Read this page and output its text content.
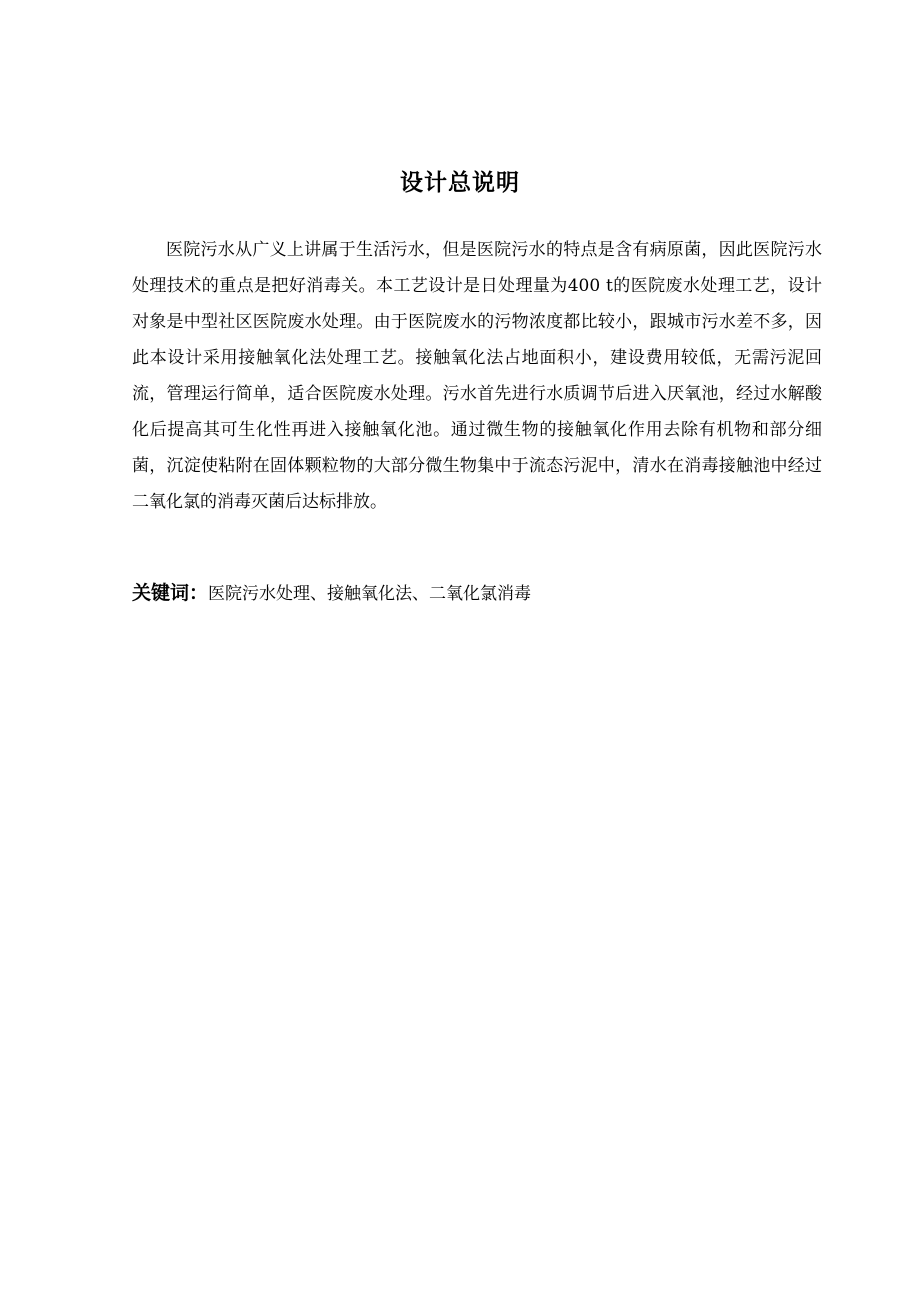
设计总说明

医院污水从广义上讲属于生活污水，但是医院污水的特点是含有病原菌，因此医院污水处理技术的重点是把好消毒关。本工艺设计是日处理量为400 t的医院废水处理工艺，设计对象是中型社区医院废水处理。由于医院废水的污物浓度都比较小，跟城市污水差不多，因此本设计采用接触氧化法处理工艺。接触氧化法占地面积小，建设费用较低，无需污泥回流，管理运行简单，适合医院废水处理。污水首先进行水质调节后进入厌氧池，经过水解酸化后提高其可生化性再进入接触氧化池。通过微生物的接触氧化作用去除有机物和部分细菌，沉淀使粘附在固体颗粒物的大部分微生物集中于流态污泥中，清水在消毒接触池中经过二氧化氯的消毒灭菌后达标排放。

关键词：医院污水处理、接触氧化法、二氧化氯消毒
